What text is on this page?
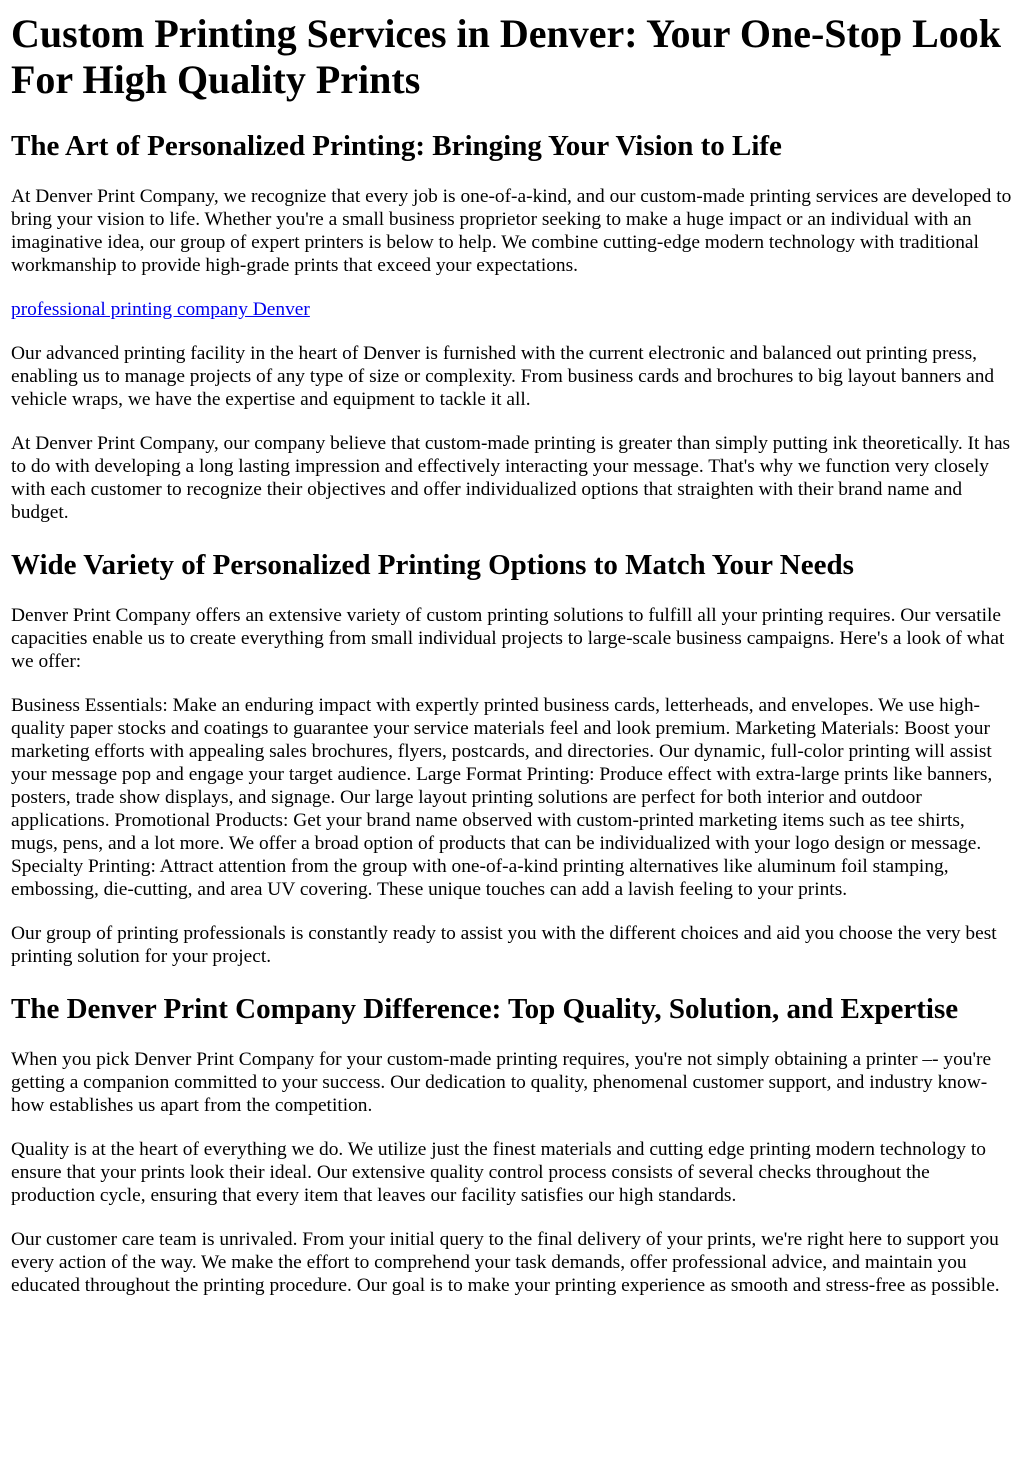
Custom Printing Services in Denver: Your One-Stop Look For High Quality Prints
The Art of Personalized Printing: Bringing Your Vision to Life

At Denver Print Company, we recognize that every job is one-of-a-kind, and our custom-made printing services are developed to bring your vision to life. Whether you're a small business proprietor seeking to make a huge impact or an individual with an imaginative idea, our group of expert printers is below to help. We combine cutting-edge modern technology with traditional workmanship to provide high-grade prints that exceed your expectations.

professional printing company Denver

Our advanced printing facility in the heart of Denver is furnished with the current electronic and balanced out printing press, enabling us to manage projects of any type of size or complexity. From business cards and brochures to big layout banners and vehicle wraps, we have the expertise and equipment to tackle it all.

At Denver Print Company, our company believe that custom-made printing is greater than simply putting ink theoretically. It has to do with developing a long lasting impression and effectively interacting your message. That's why we function very closely with each customer to recognize their objectives and offer individualized options that straighten with their brand name and budget.

Wide Variety of Personalized Printing Options to Match Your Needs

Denver Print Company offers an extensive variety of custom printing solutions to fulfill all your printing requires. Our versatile capacities enable us to create everything from small individual projects to large-scale business campaigns. Here's a look of what we offer:

Business Essentials: Make an enduring impact with expertly printed business cards, letterheads, and envelopes. We use high-quality paper stocks and coatings to guarantee your service materials feel and look premium. Marketing Materials: Boost your marketing efforts with appealing sales brochures, flyers, postcards, and directories. Our dynamic, full-color printing will assist your message pop and engage your target audience. Large Format Printing: Produce effect with extra-large prints like banners, posters, trade show displays, and signage. Our large layout printing solutions are perfect for both interior and outdoor applications. Promotional Products: Get your brand name observed with custom-printed marketing items such as tee shirts, mugs, pens, and a lot more. We offer a broad option of products that can be individualized with your logo design or message. Specialty Printing: Attract attention from the group with one-of-a-kind printing alternatives like aluminum foil stamping, embossing, die-cutting, and area UV covering. These unique touches can add a lavish feeling to your prints.

Our group of printing professionals is constantly ready to assist you with the different choices and aid you choose the very best printing solution for your project.

The Denver Print Company Difference: Top Quality, Solution, and Expertise

When you pick Denver Print Company for your custom-made printing requires, you're not simply obtaining a printer –- you're getting a companion committed to your success. Our dedication to quality, phenomenal customer support, and industry know-how establishes us apart from the competition.

Quality is at the heart of everything we do. We utilize just the finest materials and cutting edge printing modern technology to ensure that your prints look their ideal. Our extensive quality control process consists of several checks throughout the production cycle, ensuring that every item that leaves our facility satisfies our high standards.

Our customer care team is unrivaled. From your initial query to the final delivery of your prints, we're right here to support you every action of the way. We make the effort to comprehend your task demands, offer professional advice, and maintain you educated throughout the printing procedure. Our goal is to make your printing experience as smooth and stress-free as possible.
